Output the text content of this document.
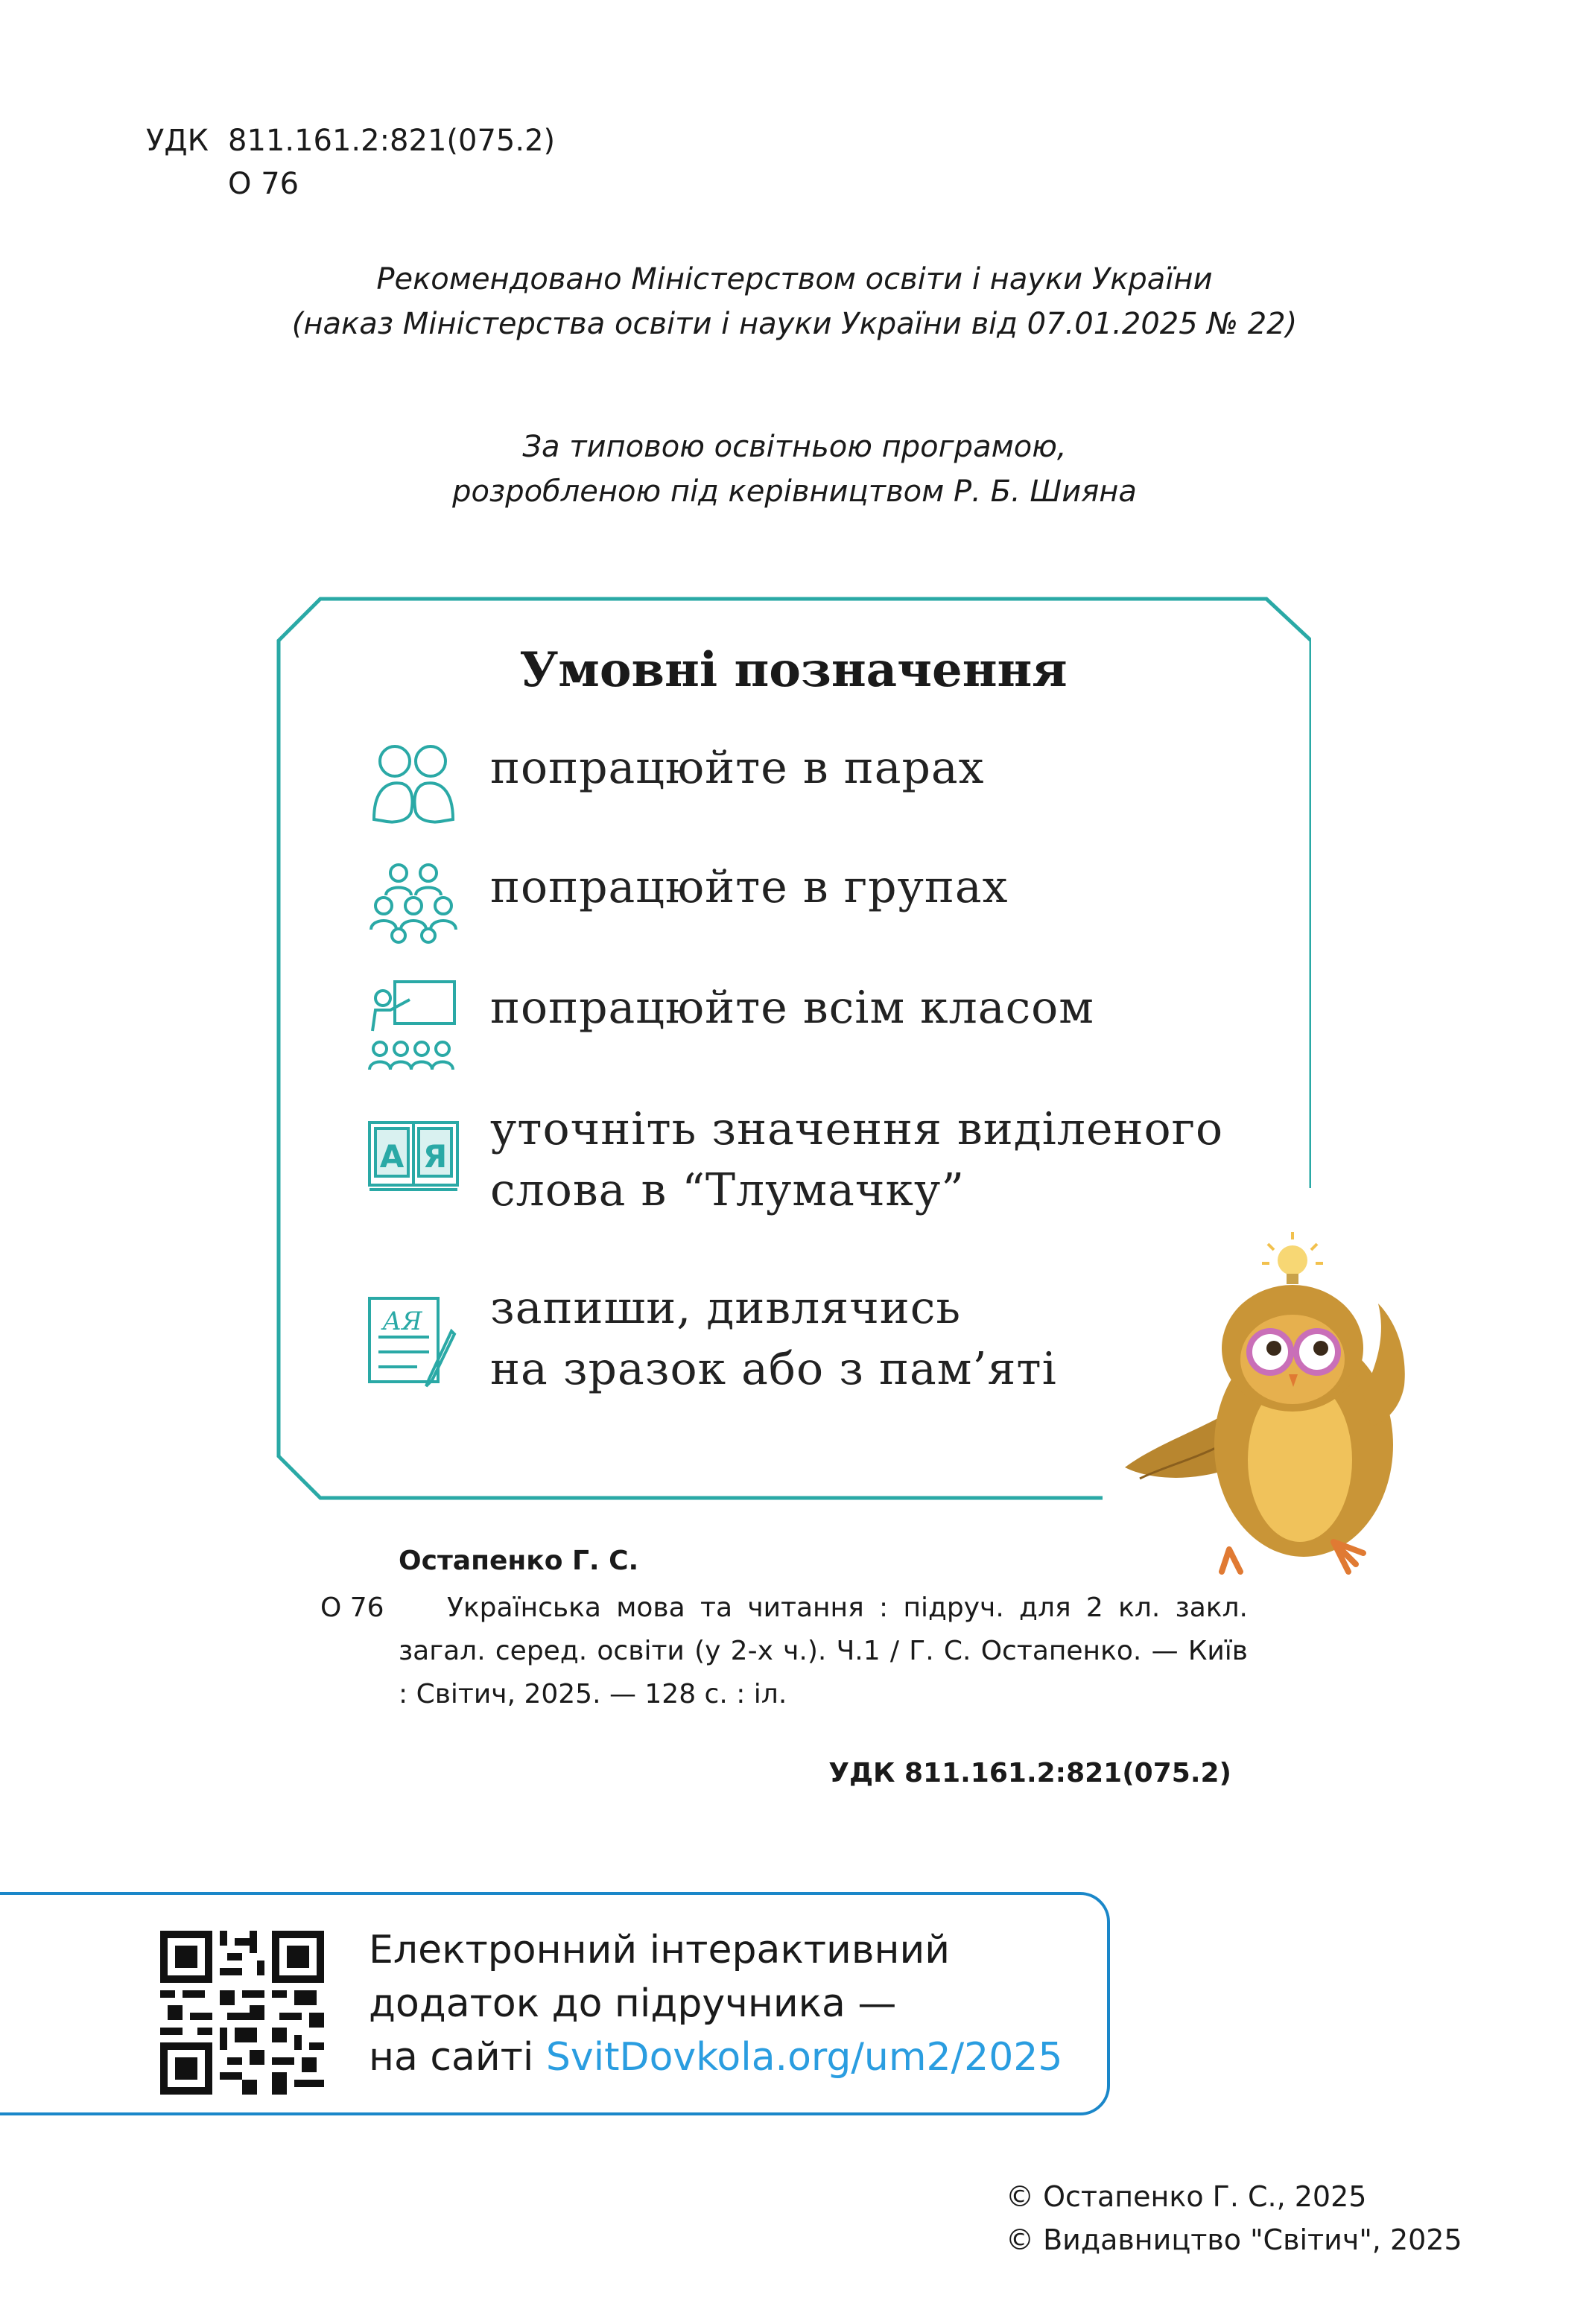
УДК 811.161.2:821(075.2)
О 76
Рекомендовано Міністерством освіти і науки України
(наказ Міністерства освіти і науки України від 07.01.2025 № 22)
За типовою освітньою програмою,
розробленою під керівництвом Р. Б. Шияна
Умовні позначення
попрацюйте в парах
попрацюйте в групах
попрацюйте всім класом
А Я
уточніть значення виділеного
слова в “Тлумачку”
АЯ запиши, дивлячись
на зразок або з пам’яті
Остапенко Г. С.
О 76	Українська мова та читання : підруч. для 2 кл. закл. загал. серед. освіти (у 2-х ч.). Ч.1 / Г. С. Остапенко. — Київ : Світич, 2025. — 128 с. : іл.
УДК 811.161.2:821(075.2)
Електронний інтерактивний
додаток до підручника —
на сайті SvitDovkola.org/um2/2025
© Остапенко Г. С., 2025
© Видавництво "Світич", 2025
